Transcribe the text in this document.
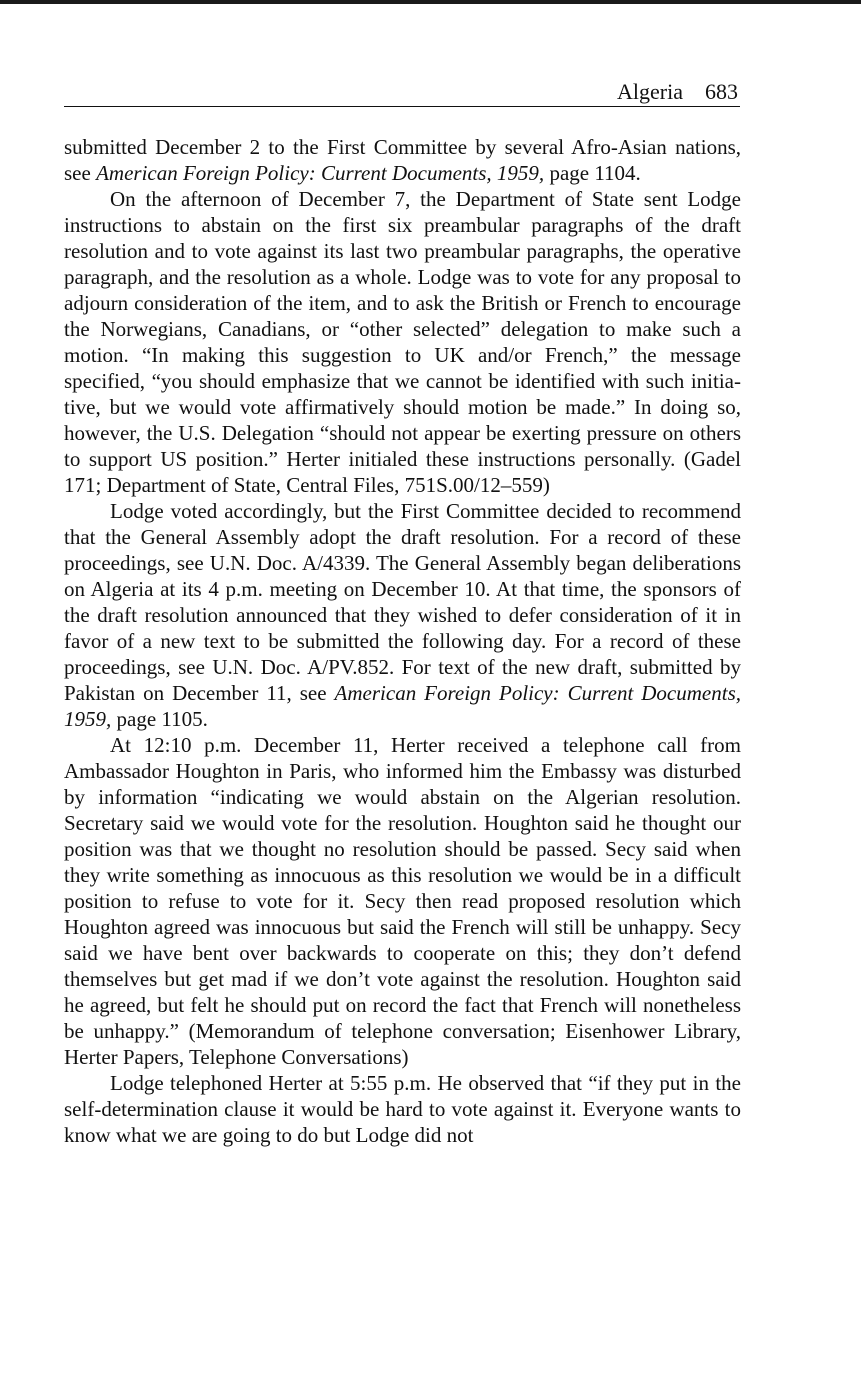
Algeria 683

submitted December 2 to the First Committee by several Afro-Asian nations, see American Foreign Policy: Current Documents, 1959, page 1104.

On the afternoon of December 7, the Department of State sent Lodge instructions to abstain on the first six preambular paragraphs of the draft resolution and to vote against its last two preambular paragraphs, the operative paragraph, and the resolution as a whole. Lodge was to vote for any proposal to adjourn consideration of the item, and to ask the British or French to encourage the Norwegians, Canadians, or “other selected” delegation to make such a motion. “In making this suggestion to UK and/or French,” the message specified, “you should emphasize that we cannot be identified with such initiative, but we would vote affirmatively should motion be made.” In doing so, however, the U.S. Delegation “should not appear be exerting pressure on others to support US position.” Herter initialed these instructions personally. (Gadel 171; Department of State, Central Files, 751S.00/12–559)

Lodge voted accordingly, but the First Committee decided to recommend that the General Assembly adopt the draft resolution. For a record of these proceedings, see U.N. Doc. A/4339. The General Assembly began deliberations on Algeria at its 4 p.m. meeting on December 10. At that time, the sponsors of the draft resolution announced that they wished to defer consideration of it in favor of a new text to be submitted the following day. For a record of these proceedings, see U.N. Doc. A/PV.852. For text of the new draft, submitted by Pakistan on December 11, see American Foreign Policy: Current Documents, 1959, page 1105.

At 12:10 p.m. December 11, Herter received a telephone call from Ambassador Houghton in Paris, who informed him the Embassy was disturbed by information “indicating we would abstain on the Algerian resolution. Secretary said we would vote for the resolution. Houghton said he thought our position was that we thought no resolution should be passed. Secy said when they write something as innocuous as this resolution we would be in a difficult position to refuse to vote for it. Secy then read proposed resolution which Houghton agreed was innocuous but said the French will still be unhappy. Secy said we have bent over backwards to cooperate on this; they don’t defend themselves but get mad if we don’t vote against the resolution. Houghton said he agreed, but felt he should put on record the fact that French will nonetheless be unhappy.” (Memorandum of telephone conversation; Eisenhower Library, Herter Papers, Telephone Conversations)

Lodge telephoned Herter at 5:55 p.m. He observed that “if they put in the self-determination clause it would be hard to vote against it. Everyone wants to know what we are going to do but Lodge did not
